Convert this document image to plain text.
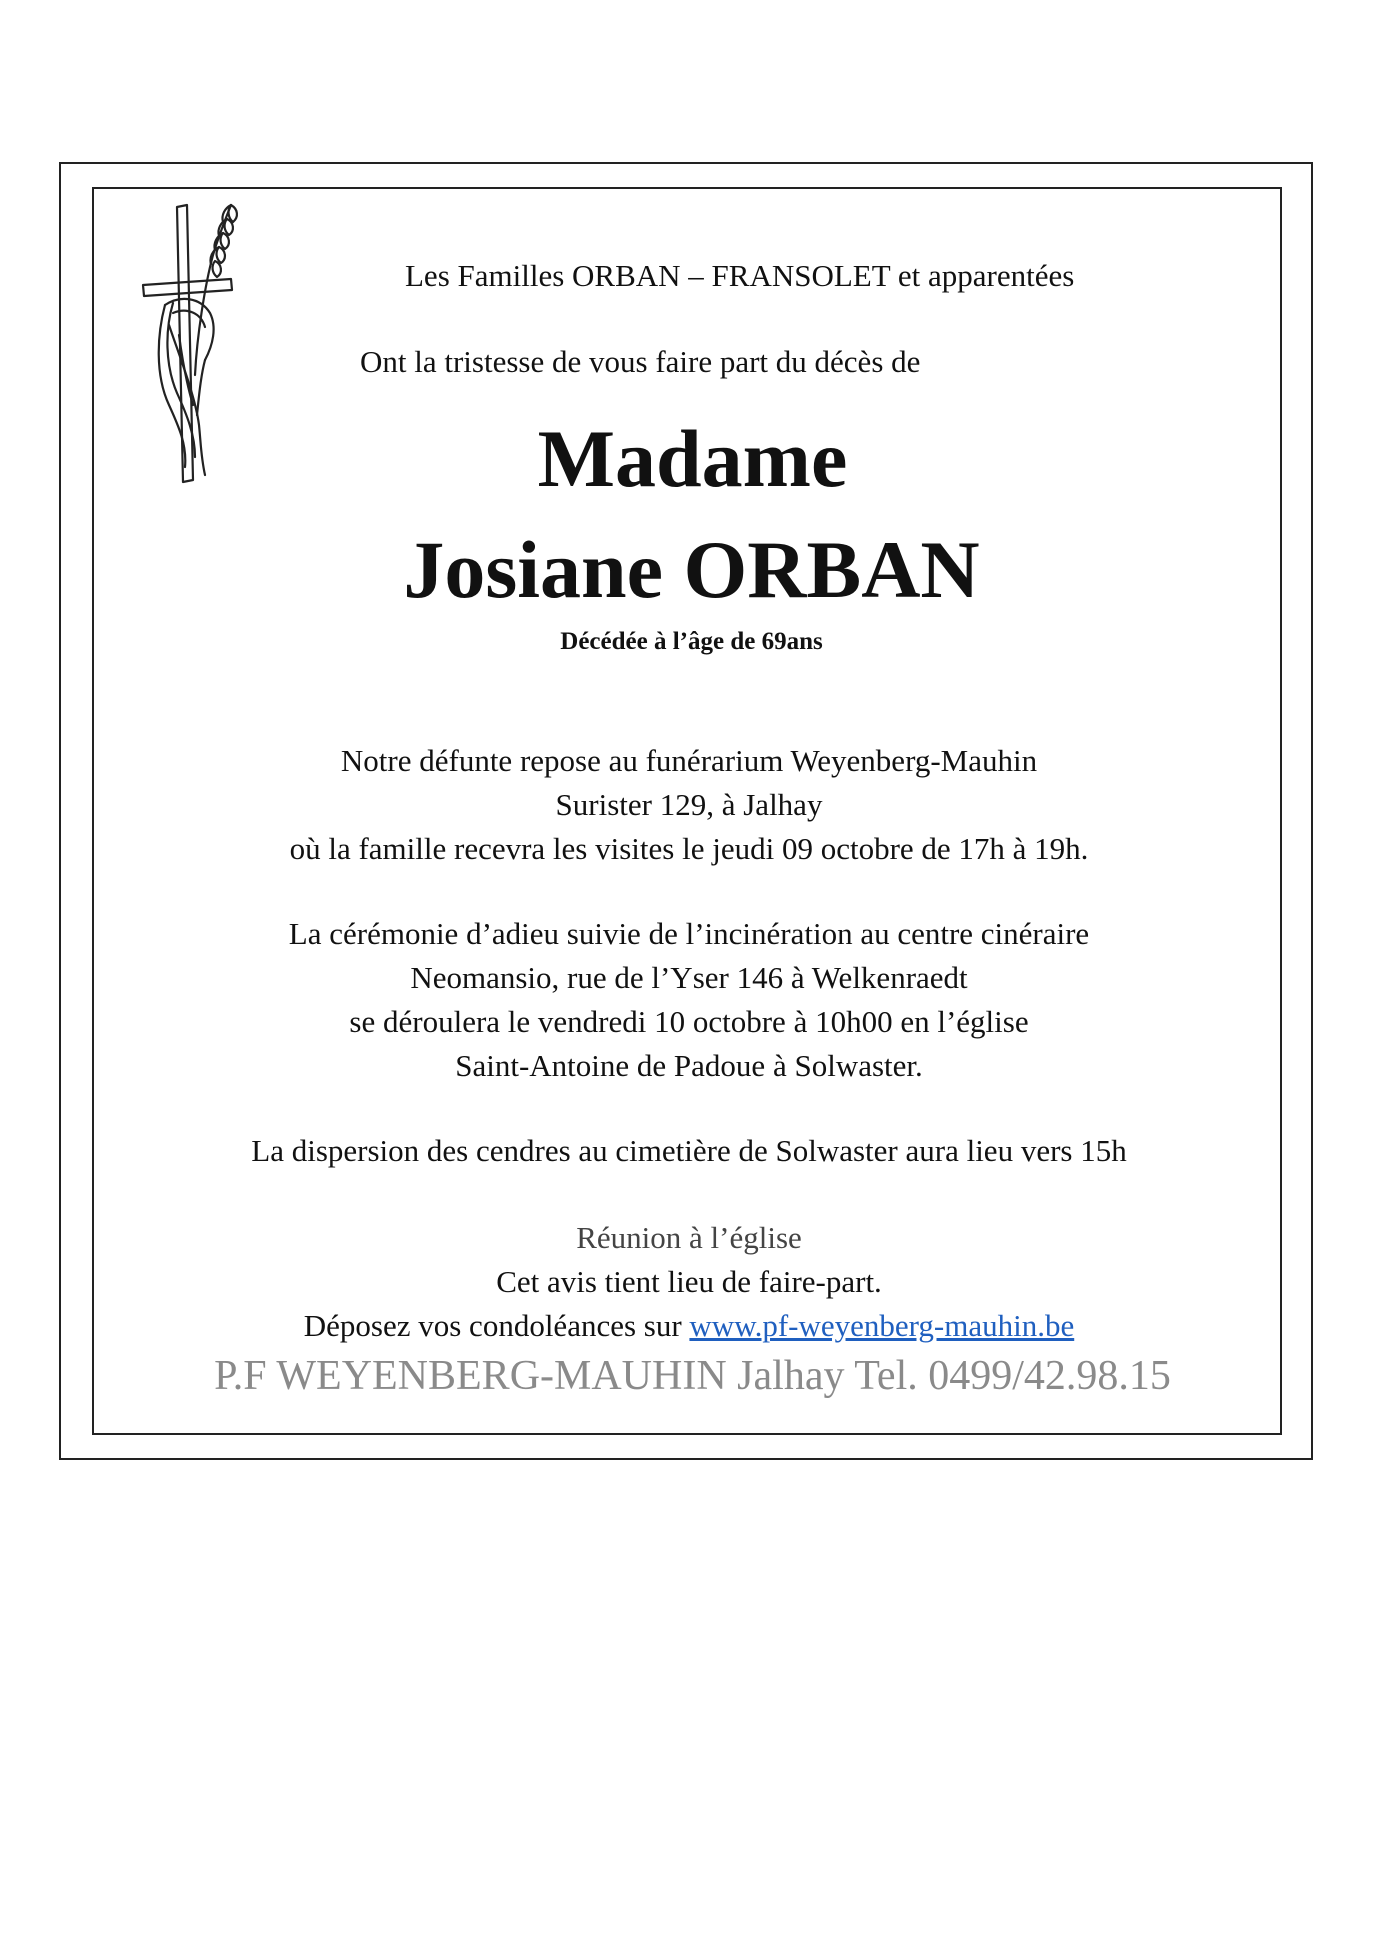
Les Familles ORBAN – FRANSOLET et apparentées
Ont la tristesse de vous faire part du décès de
Madame
Josiane ORBAN
Décédée à l’âge de 69ans
Notre défunte repose au funérarium Weyenberg-Mauhin
Surister 129, à Jalhay
où la famille recevra les visites le jeudi 09 octobre de 17h à 19h.
La cérémonie d’adieu suivie de l’incinération au centre cinéraire
Neomansio, rue de l’Yser 146 à Welkenraedt
se déroulera le vendredi 10 octobre à 10h00 en l’église
Saint-Antoine de Padoue à Solwaster.
La dispersion des cendres au cimetière de Solwaster aura lieu vers 15h
Réunion à l’église
Cet avis tient lieu de faire-part.
Déposez vos condoléances sur www.pf-weyenberg-mauhin.be
P.F WEYENBERG-MAUHIN Jalhay Tel. 0499/42.98.15
